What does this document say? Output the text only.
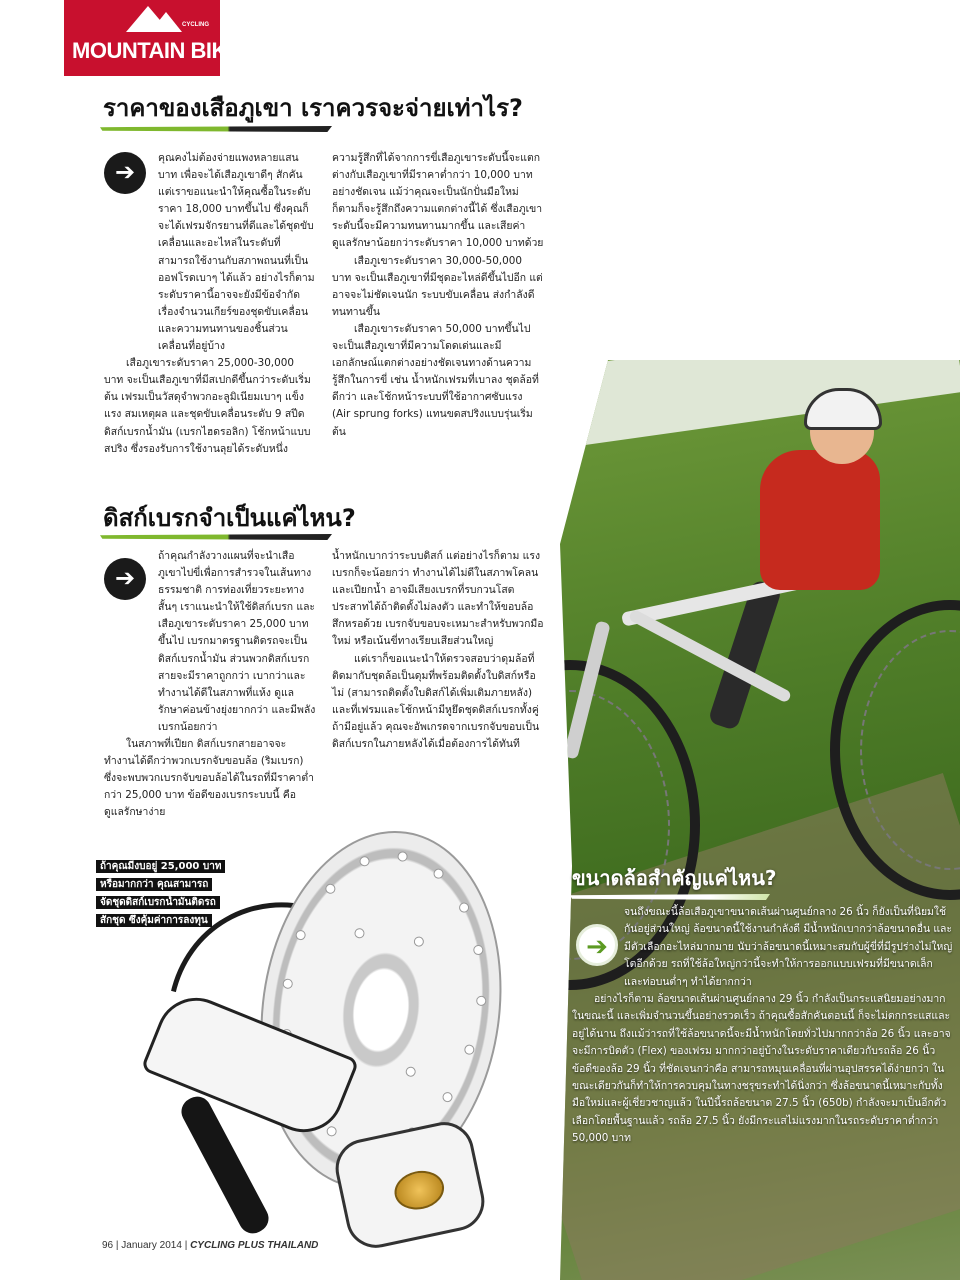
CYCLING
MOUNTAIN BIKE
ราคาของเสือภูเขา เราควรจะจ่ายเท่าไร?
➔	คุณคงไม่ต้องจ่ายแพงหลายแสนบาท เพื่อจะได้เสือภูเขาดีๆ สักคัน แต่เราขอแนะนำให้คุณซื้อในระดับราคา 18,000 บาทขึ้นไป ซึ่งคุณก็จะได้เฟรมจักรยานที่ดีและได้ชุดขับเคลื่อนและอะไหล่ในระดับที่สามารถใช้งานกับสภาพถนนที่เป็นออฟโรดเบาๆ ได้แล้ว อย่างไรก็ตาม ระดับราคานี้อาจจะยังมีข้อจำกัดเรื่องจำนวนเกียร์ของชุดขับเคลื่อน และความทนทานของชิ้นส่วนเคลื่อนที่อยู่บ้าง

เสือภูเขาระดับราคา 25,000-30,000 บาท จะเป็นเสือภูเขาที่มีสเปกดีขึ้นกว่าระดับเริ่มต้น เฟรมเป็นวัสดุจำพวกอะลูมิเนียมเบาๆ แข็งแรง สมเหตุผล และชุดขับเคลื่อนระดับ 9 สปีด ดิสก์เบรกน้ำมัน (เบรกไฮดรอลิก) โช้กหน้าแบบสปริง ซึ่งรองรับการใช้งานลุยได้ระดับหนึ่ง

ความรู้สึกที่ได้จากการขี่เสือภูเขาระดับนี้จะแตกต่างกับเสือภูเขาที่มีราคาต่ำกว่า 10,000 บาทอย่างชัดเจน แม้ว่าคุณจะเป็นนักปั่นมือใหม่ก็ตามก็จะรู้สึกถึงความแตกต่างนี้ได้ ซึ่งเสือภูเขาระดับนี้จะมีความทนทานมากขึ้น และเสียค่าดูแลรักษาน้อยกว่าระดับราคา 10,000 บาทด้วย

เสือภูเขาระดับราคา 30,000-50,000 บาท จะเป็นเสือภูเขาที่มีชุดอะไหล่ดีขึ้นไปอีก แต่อาจจะไม่ชัดเจนนัก ระบบขับเคลื่อน ส่งกำลังดีทนทานขึ้น

เสือภูเขาระดับราคา 50,000 บาทขึ้นไป จะเป็นเสือภูเขาที่มีความโดดเด่นและมีเอกลักษณ์แตกต่างอย่างชัดเจนทางด้านความรู้สึกในการขี่ เช่น น้ำหนักเฟรมที่เบาลง ชุดล้อที่ดีกว่า และโช้กหน้าระบบที่ใช้อากาศซับแรง (Air sprung forks) แทนขดสปริงแบบรุ่นเริ่มต้น

ดิสก์เบรกจำเป็นแค่ไหน?
➔

ถ้าคุณกำลังวางแผนที่จะนำเสือภูเขาไปขี่เพื่อการสำรวจในเส้นทางธรรมชาติ การท่องเที่ยวระยะทางสั้นๆ เราแนะนำให้ใช้ดิสก์เบรก และเสือภูเขาระดับราคา 25,000 บาทขึ้นไป เบรกมาตรฐานติดรถจะเป็นดิสก์เบรกน้ำมัน ส่วนพวกดิสก์เบรกสายจะมีราคาถูกกว่า เบากว่าและทำงานได้ดีในสภาพที่แห้ง ดูแลรักษาค่อนข้างยุ่งยากกว่า และมีพลังเบรกน้อยกว่า

ในสภาพที่เปียก ดิสก์เบรกสายอาจจะทำงานได้ดีกว่าพวกเบรกจับขอบล้อ (ริมเบรก) ซึ่งจะพบพวกเบรกจับขอบล้อได้ในรถที่มีราคาต่ำกว่า 25,000 บาท ข้อดีของเบรกระบบนี้ คือ ดูแลรักษาง่าย

น้ำหนักเบากว่าระบบดิสก์ แต่อย่างไรก็ตาม แรงเบรกก็จะน้อยกว่า ทำงานได้ไม่ดีในสภาพโคลนและเปียกน้ำ อาจมีเสียงเบรกที่รบกวนโสตประสาทได้ถ้าติดตั้งไม่ลงตัว และทำให้ขอบล้อสึกหรอด้วย เบรกจับขอบจะเหมาะสำหรับพวกมือใหม่ หรือเน้นขี่ทางเรียบเสียส่วนใหญ่

แต่เราก็ขอแนะนำให้ตรวจสอบว่าดุมล้อที่ติดมากับชุดล้อเป็นดุมที่พร้อมติดตั้งใบดิสก์หรือไม่ (สามารถติดตั้งใบดิสก์ได้เพิ่มเติมภายหลัง) และที่เฟรมและโช้กหน้ามีหูยึดชุดดิสก์เบรกทั้งคู่ ถ้ามีอยู่แล้ว คุณจะอัพเกรดจากเบรกจับขอบเป็นดิสก์เบรกในภายหลังได้เมื่อต้องการได้ทันที

ถ้าคุณมีงบอยู่ 25,000 บาท
หรือมากกว่า คุณสามารถ
จัดชุดดิสก์เบรกน้ำมันติดรถ
สักชุด ซึ่งคุ้มค่าการลงทุน
ขนาดล้อสำคัญแค่ไหน?
➔

จนถึงขณะนี้ล้อเสือภูเขาขนาดเส้นผ่านศูนย์กลาง 26 นิ้ว ก็ยังเป็นที่นิยมใช้กันอยู่ส่วนใหญ่ ล้อขนาดนี้ใช้งานกำลังดี มีน้ำหนักเบากว่าล้อขนาดอื่น และมีตัวเลือกอะไหล่มากมาย นับว่าล้อขนาดนี้เหมาะสมกับผู้ขี่ที่มีรูปร่างไม่ใหญ่โตอีกด้วย รถที่ใช้ล้อใหญ่กว่านี้จะทำให้การออกแบบเฟรมที่มีขนาดเล็ก และท่อบนต่ำๆ ทำได้ยากกว่า

อย่างไรก็ตาม ล้อขนาดเส้นผ่านศูนย์กลาง 29 นิ้ว กำลังเป็นกระแสนิยมอย่างมากในขณะนี้ และเพิ่มจำนวนขึ้นอย่างรวดเร็ว ถ้าคุณซื้อสักคันตอนนี้ ก็จะไม่ตกกระแสและอยู่ได้นาน ถึงแม้ว่ารถที่ใช้ล้อขนาดนี้จะมีน้ำหนักโดยทั่วไปมากกว่าล้อ 26 นิ้ว และอาจจะมีการบิดตัว (Flex) ของเฟรม มากกว่าอยู่บ้างในระดับราคาเดียวกับรถล้อ 26 นิ้ว ข้อดีของล้อ 29 นิ้ว ที่ชัดเจนกว่าคือ สามารถหมุนเคลื่อนที่ผ่านอุปสรรคได้ง่ายกว่า ในขณะเดียวกันก็ทำให้การควบคุมในทางชรุขระทำได้นิ่งกว่า ซึ่งล้อขนาดนี้เหมาะกับทั้งมือใหม่และผู้เชี่ยวชาญแล้ว ในปีนี้รถล้อขนาด 27.5 นิ้ว (650b) กำลังจะมาเป็นอีกตัวเลือกโดยพื้นฐานแล้ว รถล้อ 27.5 นิ้ว ยังมีกระแสไม่แรงมากในรถระดับราคาต่ำกว่า 50,000 บาท

96 | January 2014 | CYCLING PLUS THAILAND
